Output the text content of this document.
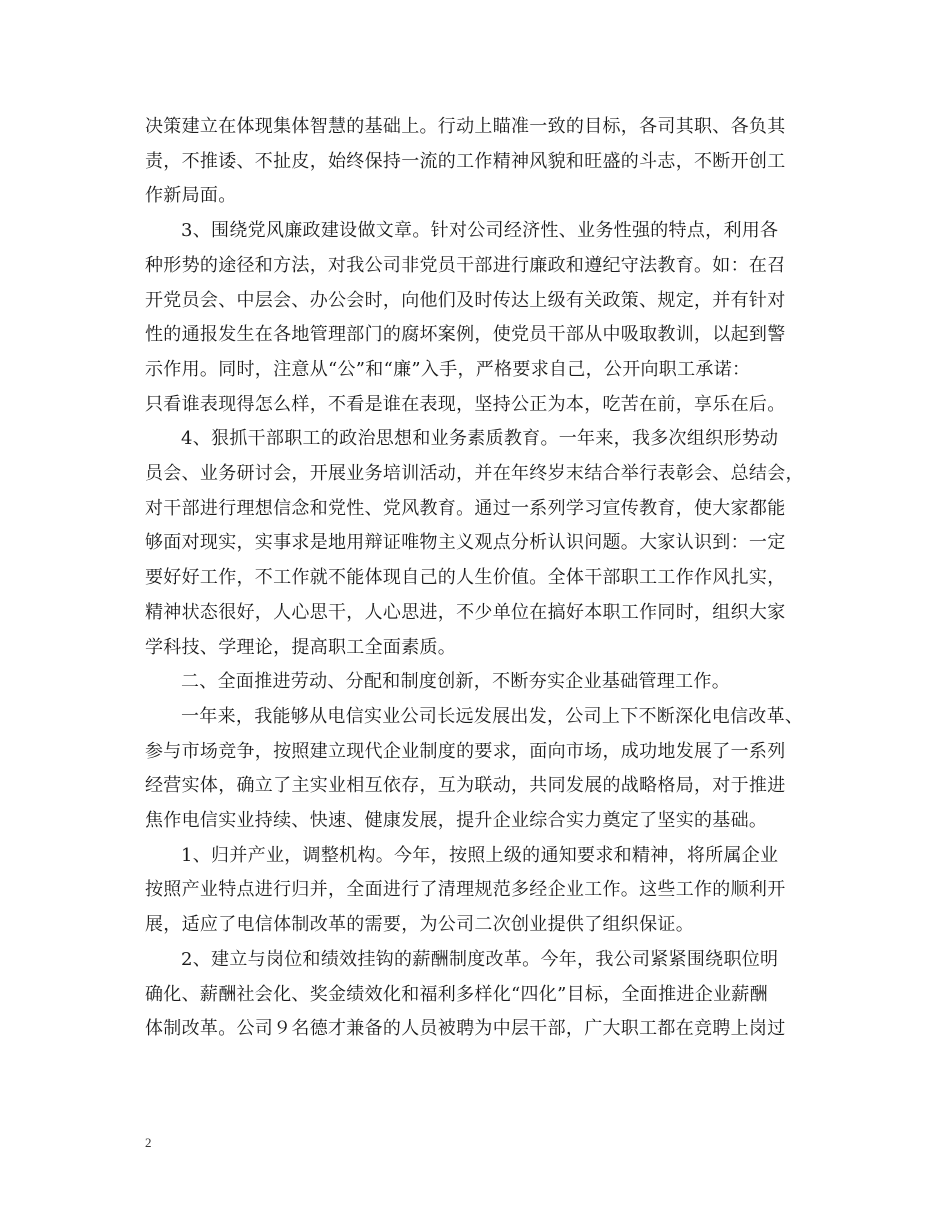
决策建立在体现集体智慧的基础上。行动上瞄准一致的目标，各司其职、各负其
责，不推诿、不扯皮，始终保持一流的工作精神风貌和旺盛的斗志，不断开创工
作新局面。

3、围绕党风廉政建设做文章。针对公司经济性、业务性强的特点，利用各
种形势的途径和方法，对我公司非党员干部进行廉政和遵纪守法教育。如：在召
开党员会、中层会、办公会时，向他们及时传达上级有关政策、规定，并有针对
性的通报发生在各地管理部门的腐坏案例，使党员干部从中吸取教训，以起到警
示作用。同时，注意从“公”和“廉”入手，严格要求自己，公开向职工承诺：
只看谁表现得怎么样，不看是谁在表现，坚持公正为本，吃苦在前，享乐在后。

4、狠抓干部职工的政治思想和业务素质教育。一年来，我多次组织形势动
员会、业务研讨会，开展业务培训活动，并在年终岁末结合举行表彰会、总结会，
对干部进行理想信念和党性、党风教育。通过一系列学习宣传教育，使大家都能
够面对现实，实事求是地用辩证唯物主义观点分析认识问题。大家认识到：一定
要好好工作，不工作就不能体现自己的人生价值。全体干部职工工作作风扎实，
精神状态很好，人心思干，人心思进，不少单位在搞好本职工作同时，组织大家
学科技、学理论，提高职工全面素质。

二、全面推进劳动、分配和制度创新，不断夯实企业基础管理工作。

一年来，我能够从电信实业公司长远发展出发，公司上下不断深化电信改革、
参与市场竞争，按照建立现代企业制度的要求，面向市场，成功地发展了一系列
经营实体，确立了主实业相互依存，互为联动，共同发展的战略格局，对于推进
焦作电信实业持续、快速、健康发展，提升企业综合实力奠定了坚实的基础。

1、归并产业，调整机构。今年，按照上级的通知要求和精神，将所属企业
按照产业特点进行归并，全面进行了清理规范多经企业工作。这些工作的顺利开
展，适应了电信体制改革的需要，为公司二次创业提供了组织保证。

2、建立与岗位和绩效挂钩的薪酬制度改革。今年，我公司紧紧围绕职位明
确化、薪酬社会化、奖金绩效化和福利多样化“四化”目标，全面推进企业薪酬
体制改革。公司９名德才兼备的人员被聘为中层干部，广大职工都在竞聘上岗过

2
